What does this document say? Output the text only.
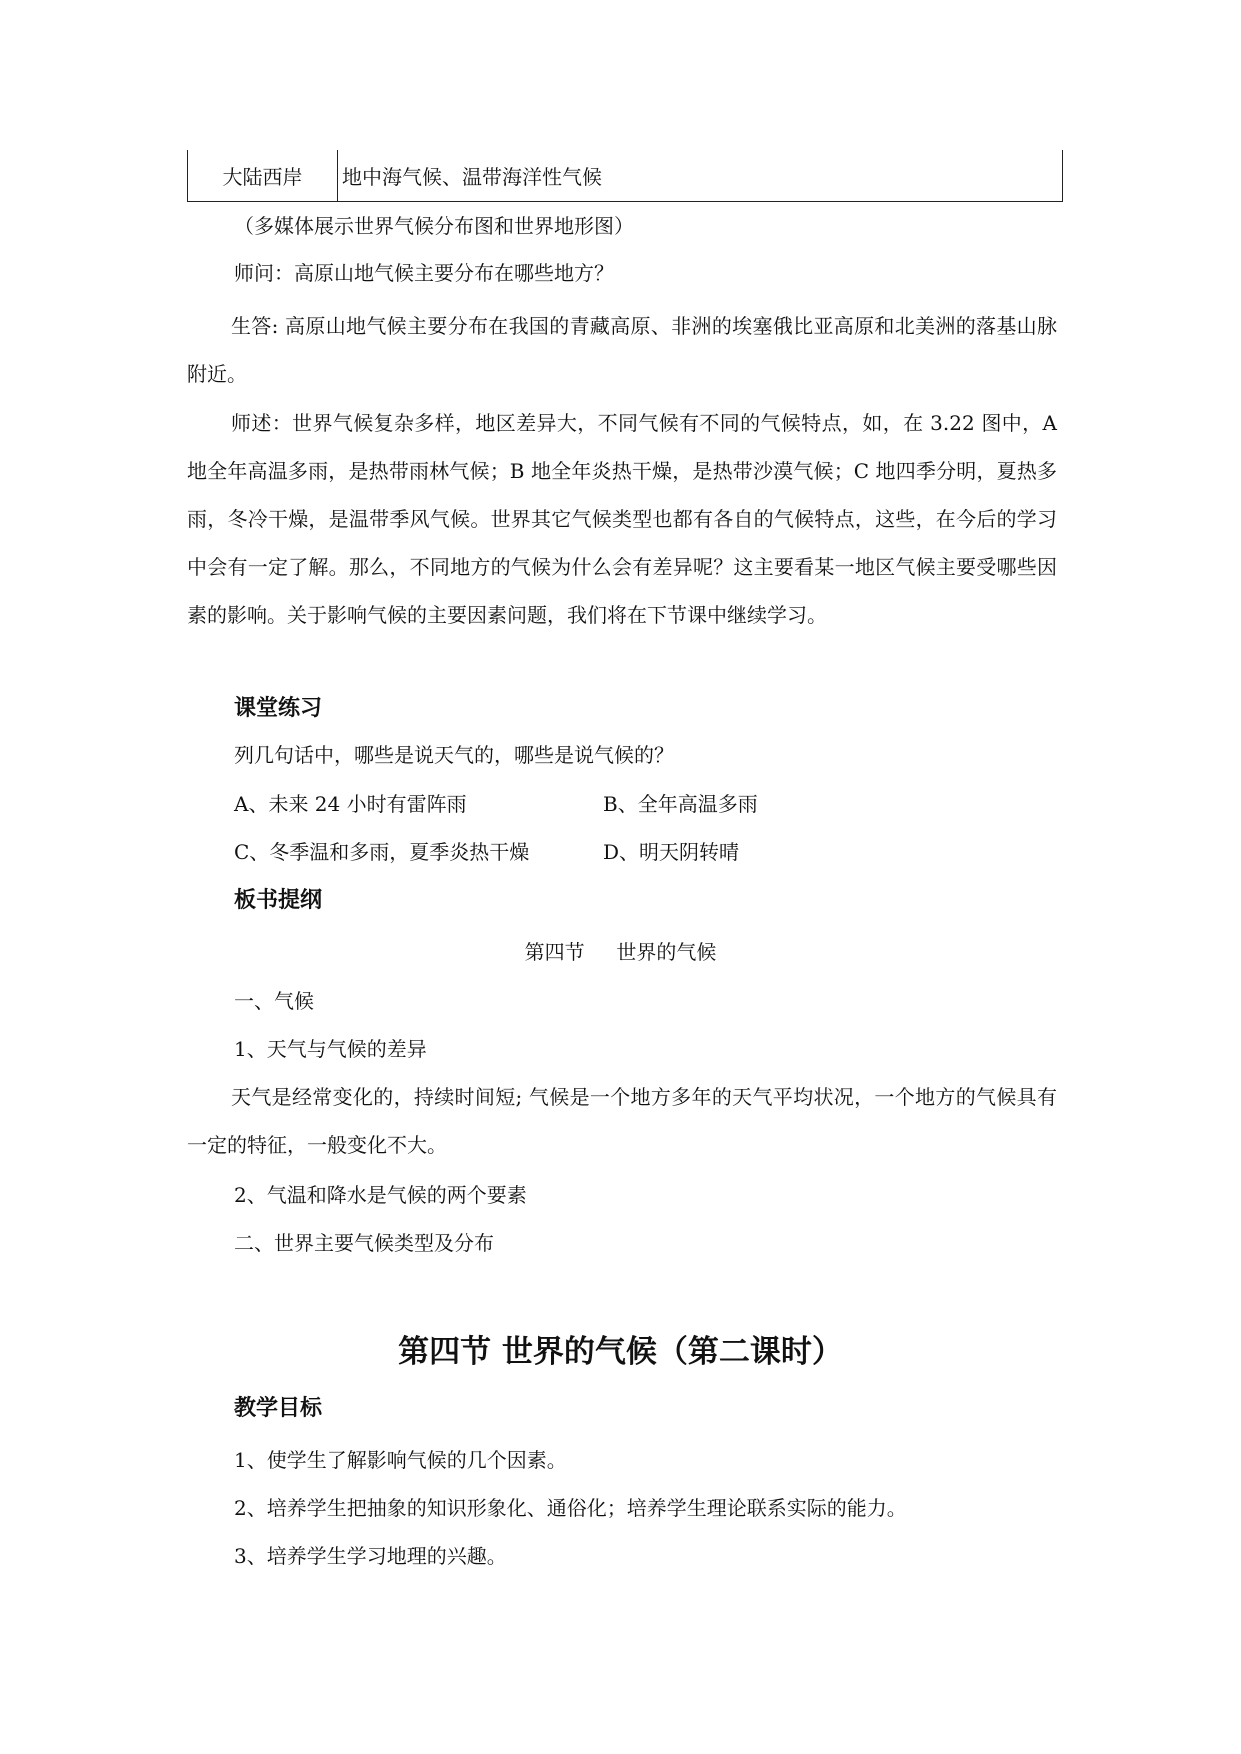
大陆西岸	地中海气候、温带海洋性气候
（多媒体展示世界气候分布图和世界地形图）
师问：高原山地气候主要分布在哪些地方？
生答: 高原山地气候主要分布在我国的青藏高原、非洲的埃塞俄比亚高原和北美洲的落基山脉附近。
师述：世界气候复杂多样，地区差异大，不同气候有不同的气候特点，如，在 3.22 图中，A 地全年高温多雨，是热带雨林气候；B 地全年炎热干燥，是热带沙漠气候；C 地四季分明，夏热多雨，冬冷干燥，是温带季风气候。世界其它气候类型也都有各自的气候特点，这些，在今后的学习中会有一定了解。那么，不同地方的气候为什么会有差异呢？这主要看某一地区气候主要受哪些因素的影响。关于影响气候的主要因素问题，我们将在下节课中继续学习。
课堂练习
列几句话中，哪些是说天气的，哪些是说气候的？
A、未来 24 小时有雷阵雨	B、全年高温多雨
C、冬季温和多雨，夏季炎热干燥	D、明天阴转晴
板书提纲
第四节     世界的气候
一、气候
1、天气与气候的差异
天气是经常变化的，持续时间短; 气候是一个地方多年的天气平均状况，一个地方的气候具有一定的特征，一般变化不大。
2、气温和降水是气候的两个要素
二、世界主要气候类型及分布
第四节 世界的气候（第二课时）
教学目标
1、使学生了解影响气候的几个因素。
2、培养学生把抽象的知识形象化、通俗化；培养学生理论联系实际的能力。
3、培养学生学习地理的兴趣。
